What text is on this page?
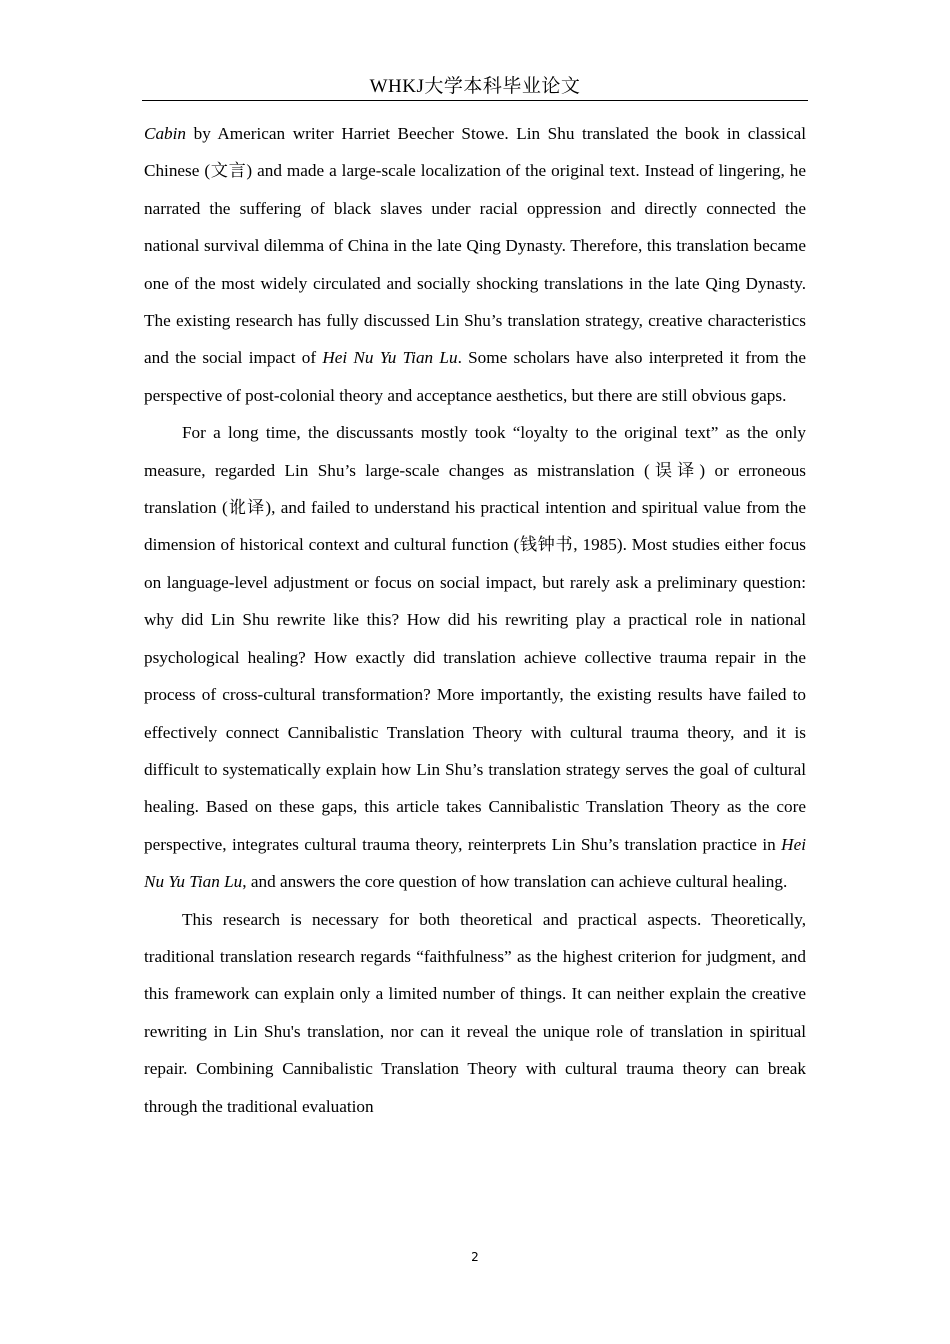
WHKJ大学本科毕业论文

Cabin by American writer Harriet Beecher Stowe. Lin Shu translated the book in classical Chinese (文言) and made a large-scale localization of the original text. Instead of lingering, he narrated the suffering of black slaves under racial oppression and directly connected the national survival dilemma of China in the late Qing Dynasty. Therefore, this translation became one of the most widely circulated and socially shocking translations in the late Qing Dynasty. The existing research has fully discussed Lin Shu’s translation strategy, creative characteristics and the social impact of Hei Nu Yu Tian Lu. Some scholars have also interpreted it from the perspective of post-colonial theory and acceptance aesthetics, but there are still obvious gaps.

For a long time, the discussants mostly took “loyalty to the original text” as the only measure, regarded Lin Shu’s large-scale changes as mistranslation (误译) or erroneous translation (讹译), and failed to understand his practical intention and spiritual value from the dimension of historical context and cultural function (钱钟书, 1985). Most studies either focus on language-level adjustment or focus on social impact, but rarely ask a preliminary question: why did Lin Shu rewrite like this? How did his rewriting play a practical role in national psychological healing? How exactly did translation achieve collective trauma repair in the process of cross-cultural transformation? More importantly, the existing results have failed to effectively connect Cannibalistic Translation Theory with cultural trauma theory, and it is difficult to systematically explain how Lin Shu’s translation strategy serves the goal of cultural healing. Based on these gaps, this article takes Cannibalistic Translation Theory as the core perspective, integrates cultural trauma theory, reinterprets Lin Shu’s translation practice in Hei Nu Yu Tian Lu, and answers the core question of how translation can achieve cultural healing.

This research is necessary for both theoretical and practical aspects. Theoretically, traditional translation research regards “faithfulness” as the highest criterion for judgment, and this framework can explain only a limited number of things. It can neither explain the creative rewriting in Lin Shu's translation, nor can it reveal the unique role of translation in spiritual repair. Combining Cannibalistic Translation Theory with cultural trauma theory can break through the traditional evaluation

2
